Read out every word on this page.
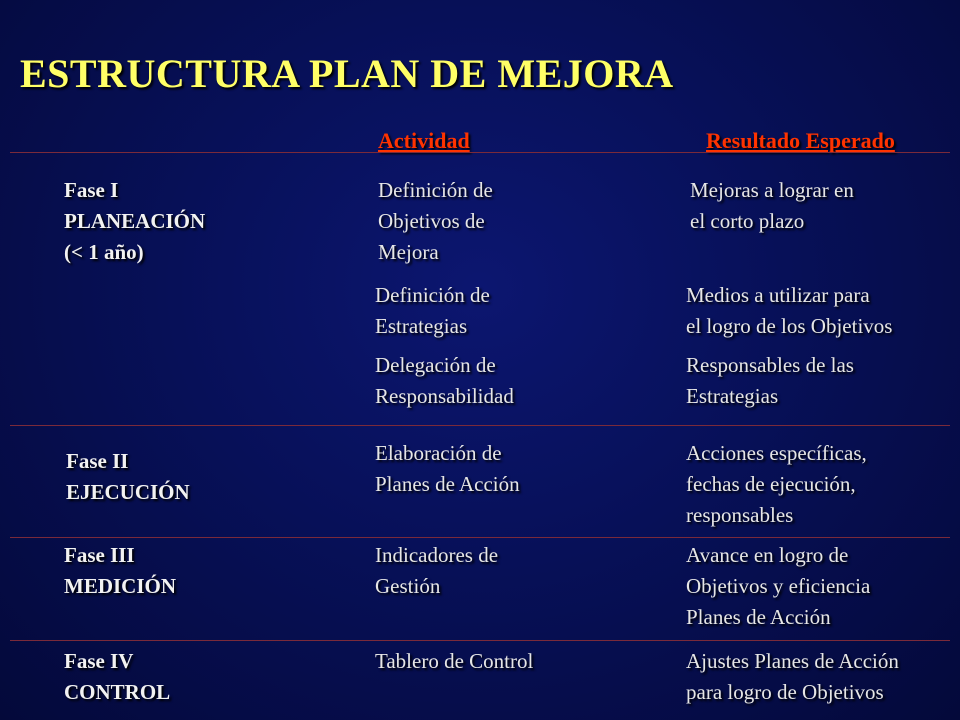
ESTRUCTURA PLAN DE MEJORA
Actividad	Resultado Esperado
Fase I
PLANEACIÓN
(< 1 año)
Fase II
EJECUCIÓN
Fase III
MEDICIÓN
Fase IV
CONTROL
Definición de
Objetivos de
Mejora
Mejoras a lograr en
el corto plazo
Definición de
Estrategias
Medios a utilizar para
el logro de los Objetivos
Delegación de
Responsabilidad
Responsables de las
Estrategias
Elaboración de
Planes de Acción
Acciones específicas,
fechas de ejecución,
responsables
Indicadores de
Gestión
Avance en logro de
Objetivos y eficiencia
Planes de Acción
Tablero de Control	Ajustes Planes de Acción
para logro de Objetivos
